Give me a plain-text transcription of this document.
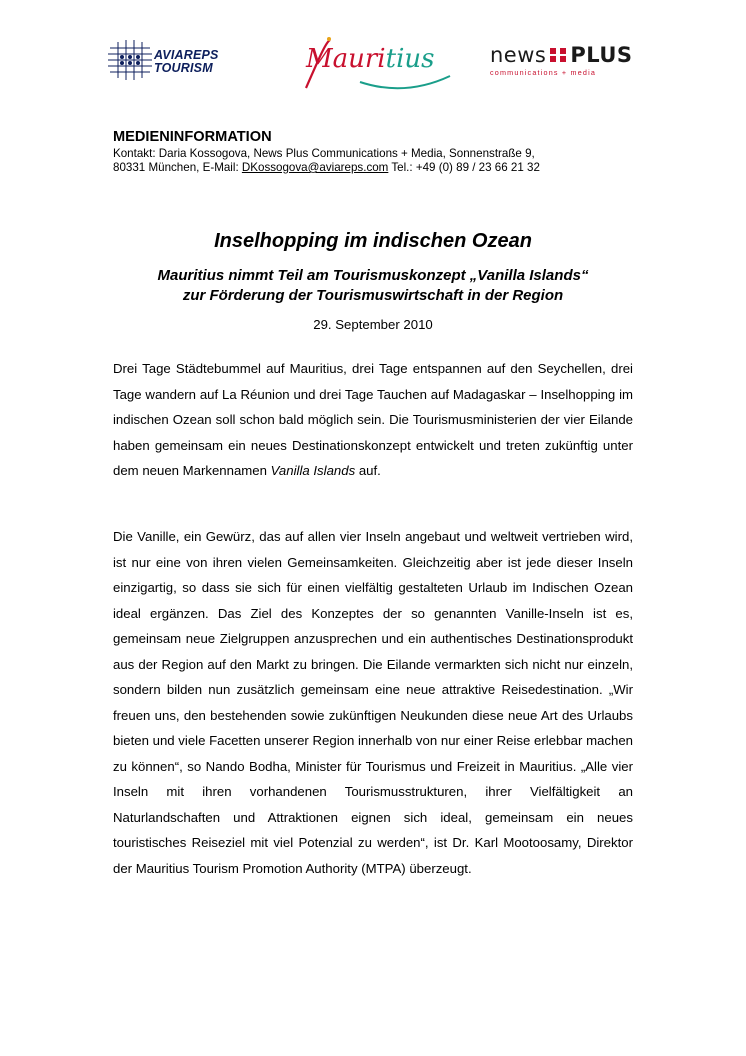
AVIAREPS
TOURISM	Mauritius	news PLUS
communications + media
MEDIENINFORMATION
Kontakt: Daria Kossogova, News Plus Communications + Media, Sonnenstraße 9,
80331 München, E-Mail: DKossogova@aviareps.com Tel.: +49 (0) 89 / 23 66 21 32
Inselhopping im indischen Ozean
Mauritius nimmt Teil am Tourismuskonzept „Vanilla Islands“
zur Förderung der Tourismuswirtschaft in der Region
29. September 2010

Drei Tage Städtebummel auf Mauritius, drei Tage entspannen auf den Seychellen, drei Tage wandern auf La Réunion und drei Tage Tauchen auf Madagaskar – Inselhopping im indischen Ozean soll schon bald möglich sein. Die Tourismusministerien der vier Eilande haben gemeinsam ein neues Destinationskonzept entwickelt und treten zukünftig unter dem neuen Markennamen Vanilla Islands auf.

Die Vanille, ein Gewürz, das auf allen vier Inseln angebaut und weltweit vertrieben wird, ist nur eine von ihren vielen Gemeinsamkeiten. Gleichzeitig aber ist jede dieser Inseln einzigartig, so dass sie sich für einen vielfältig gestalteten Urlaub im Indischen Ozean ideal ergänzen. Das Ziel des Konzeptes der so genannten Vanille-Inseln ist es, gemeinsam neue Zielgruppen anzusprechen und ein authentisches Destinationsprodukt aus der Region auf den Markt zu bringen. Die Eilande vermarkten sich nicht nur einzeln, sondern bilden nun zusätzlich gemeinsam eine neue attraktive Reisedestination. „Wir freuen uns, den bestehenden sowie zukünftigen Neukunden diese neue Art des Urlaubs bieten und viele Facetten unserer Region innerhalb von nur einer Reise erlebbar machen zu können“, so Nando Bodha, Minister für Tourismus und Freizeit in Mauritius. „Alle vier Inseln mit ihren vorhandenen Tourismusstrukturen, ihrer Vielfältigkeit an Naturlandschaften und Attraktionen eignen sich ideal, gemeinsam ein neues touristisches Reiseziel mit viel Potenzial zu werden“, ist Dr. Karl Mootoosamy, Direktor der Mauritius Tourism Promotion Authority (MTPA) überzeugt.
